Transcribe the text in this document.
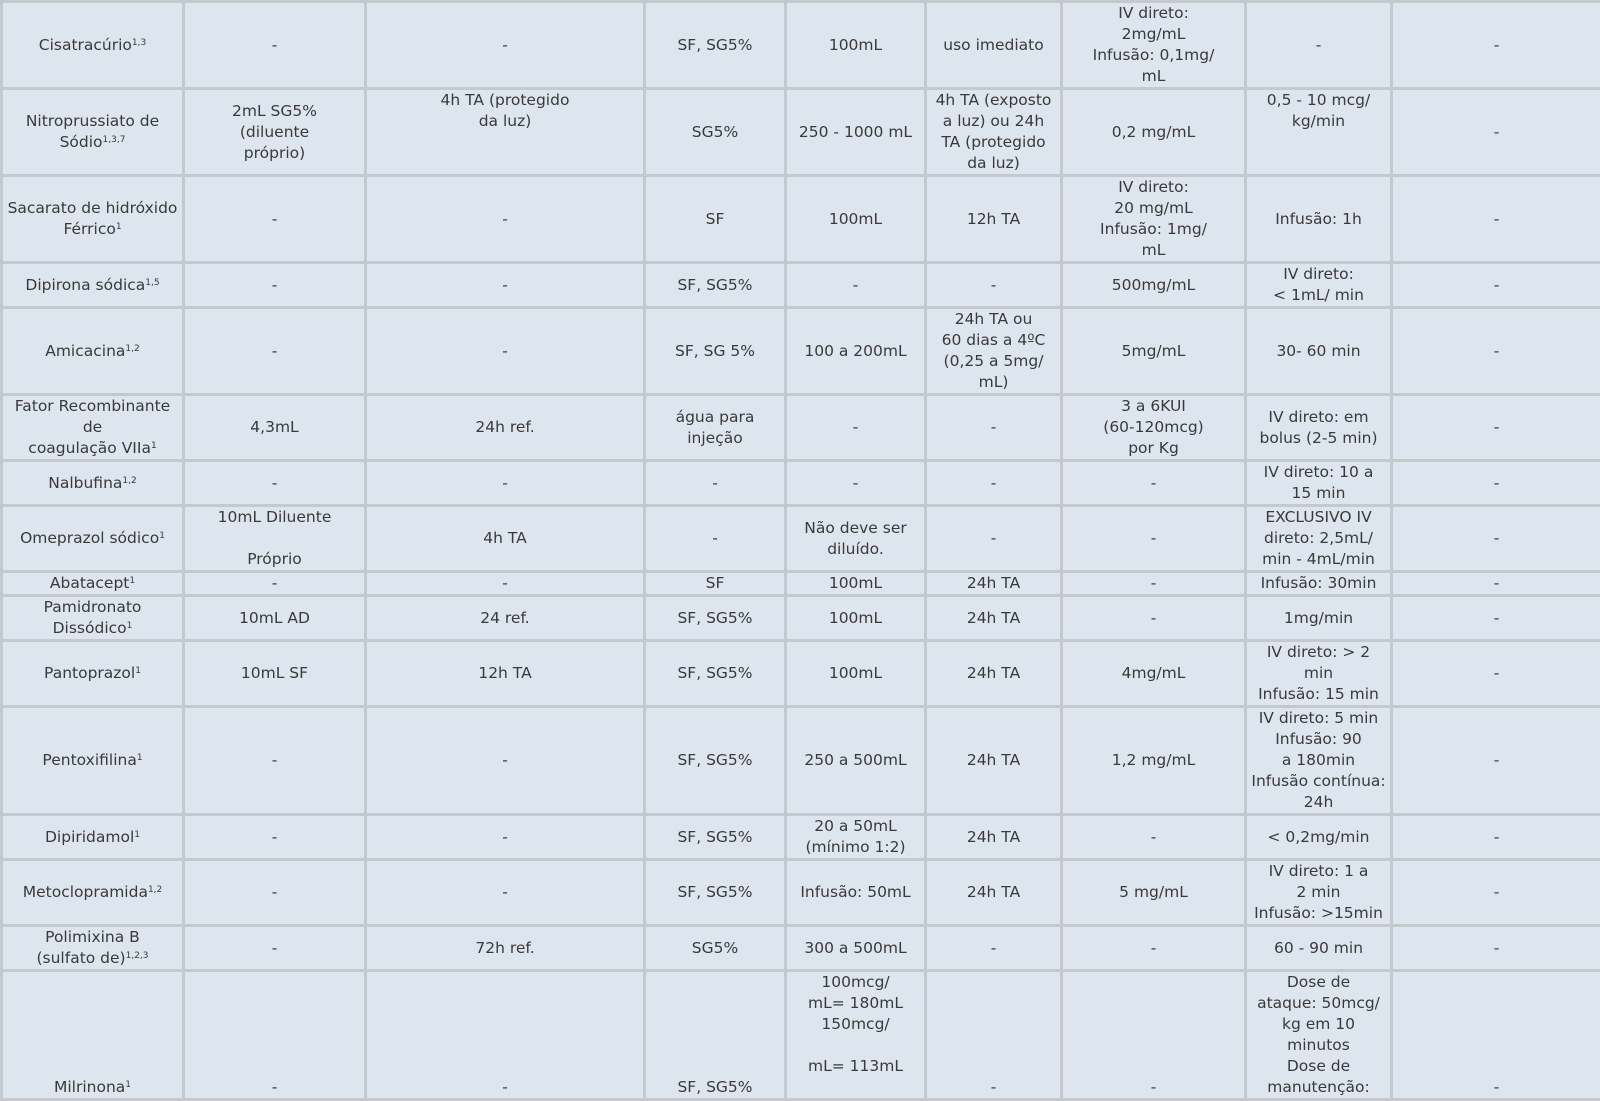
Cisatracúrio$^{1,3}$	-	-	SF, SG5%	100mL	uso imediato	IV direto:
2mg/mL
Infusão: 0,1mg/
mL	-	-

Nitroprussiato de
Sódio$^{1,3,7}$	2mL SG5%
(diluente
próprio)	4h TA (protegido
da luz)	SG5%	250 - 1000 mL	4h TA (exposto
a luz) ou 24h
TA (protegido
da luz)	0,2 mg/mL	0,5 - 10 mcg/
kg/min	-

Sacarato de hidróxido
Férrico$^1$	-	-	SF	100mL	12h TA	IV direto:
20 mg/mL
Infusão: 1mg/
mL	Infusão: 1h	-

Dipirona sódica$^{1,5}$	-	-	SF, SG5%	-	-	500mg/mL	IV direto:
< 1mL/ min	-

Amicacina$^{1,2}$	-	-	SF, SG 5%	100 a 200mL	24h TA ou
60 dias a 4ºC
(0,25 a 5mg/
mL)	5mg/mL	30- 60 min	-

Fator Recombinante de
coagulação VIIa$^1$	4,3mL	24h ref.	água para
injeção	-	-	3 a 6KUI
(60-120mcg)
por Kg	IV direto: em
bolus (2-5 min)	-

Nalbufina$^{1,2}$	-	-	-	-	-	-	IV direto: 10 a
15 min	-

Omeprazol sódico$^1$	10mL Diluente

Próprio	4h TA	-	Não deve ser
diluído.	-	-	EXCLUSIVO IV
direto: 2,5mL/
min - 4mL/min	-

Abatacept$^1$	-	-	SF	100mL	24h TA	-	Infusão: 30min	-

Pamidronato
Dissódico$^1$	10mL AD	24 ref.	SF, SG5%	100mL	24h TA	-	1mg/min	-

Pantoprazol$^1$	10mL SF	12h TA	SF, SG5%	100mL	24h TA	4mg/mL	IV direto: > 2 min
Infusão: 15 min	-

Pentoxifilina$^1$	-	-	SF, SG5%	250 a 500mL	24h TA	1,2 mg/mL	IV direto: 5 min
Infusão: 90
a 180min
Infusão contínua:
24h	-

Dipiridamol$^1$	-	-	SF, SG5%	20 a 50mL
(mínimo 1:2)	24h TA	-	< 0,2mg/min	-

Metoclopramida$^{1,2}$	-	-	SF, SG5%	Infusão: 50mL	24h TA	5 mg/mL	IV direto: 1 a
2 min
Infusão: >15min	-

Polimixina B
(sulfato de)$^{1,2,3}$	-	72h ref.	SG5%	300 a 500mL	-	-	60 - 90 min	-

Milrinona$^1$	-	-	SF, SG5%	100mcg/
mL= 180mL
150mcg/

mL= 113mL	-	-	Dose de
ataque: 50mcg/
kg em 10 minutos
Dose de
manutenção:	-
